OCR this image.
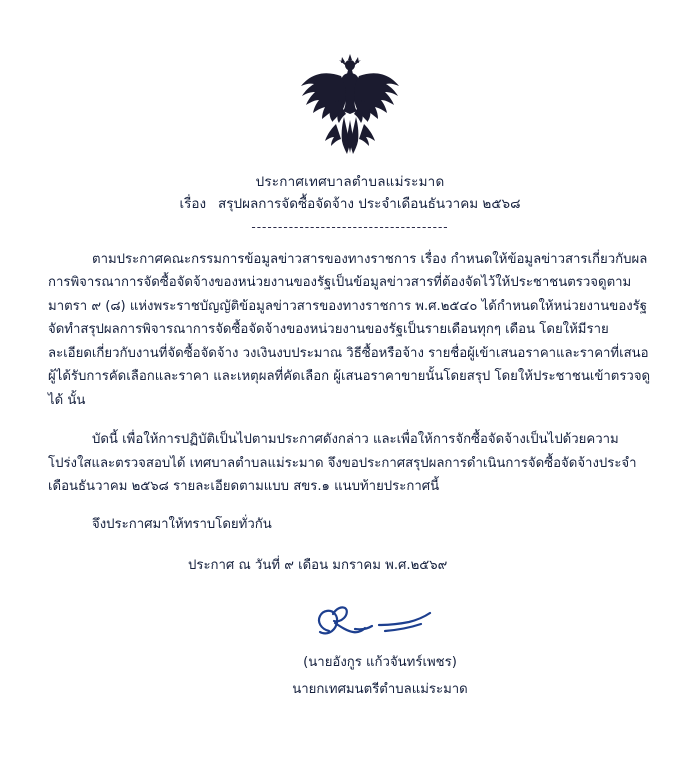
ประกาศเทศบาลตำบลแม่ระมาด
เรื่อง สรุปผลการจัดซื้อจัดจ้าง ประจำเดือนธันวาคม ๒๕๖๘
-------------------------------------

ตามประกาศคณะกรรมการข้อมูลข่าวสารของทางราชการ เรื่อง กำหนดให้ข้อมูลข่าวสารเกี่ยวกับผลการพิจารณาการจัดซื้อจัดจ้างของหน่วยงานของรัฐเป็นข้อมูลข่าวสารที่ต้องจัดไว้ให้ประชาชนตรวจดูตามมาตรา ๙ (๘) แห่งพระราชบัญญัติข้อมูลข่าวสารของทางราชการ พ.ศ.๒๕๔๐ ได้กำหนดให้หน่วยงานของรัฐ จัดทำสรุปผลการพิจารณาการจัดซื้อจัดจ้างของหน่วยงานของรัฐเป็นรายเดือนทุกๆ เดือน โดยให้มีรายละเอียดเกี่ยวกับงานที่จัดซื้อจัดจ้าง วงเงินงบประมาณ วิธีซื้อหรือจ้าง รายชื่อผู้เข้าเสนอราคาและราคาที่เสนอ ผู้ได้รับการคัดเลือกและราคา และเหตุผลที่คัดเลือก ผู้เสนอราคาขายนั้นโดยสรุป โดยให้ประชาชนเข้าตรวจดูได้ นั้น

บัดนี้ เพื่อให้การปฏิบัติเป็นไปตามประกาศดังกล่าว และเพื่อให้การจักซื้อจัดจ้างเป็นไปด้วยความโปร่งใสและตรวจสอบได้ เทศบาลตำบลแม่ระมาด จึงขอประกาศสรุปผลการดำเนินการจัดซื้อจัดจ้างประจำเดือนธันวาคม ๒๕๖๘ รายละเอียดตามแบบ สขร.๑ แนบท้ายประกาศนี้

จึงประกาศมาให้ทราบโดยทั่วกัน

ประกาศ ณ วันที่ ๙ เดือน มกราคม พ.ศ.๒๕๖๙
(นายอังกูร แก้วจันทร์เพชร)
นายกเทศมนตรีตำบลแม่ระมาด
